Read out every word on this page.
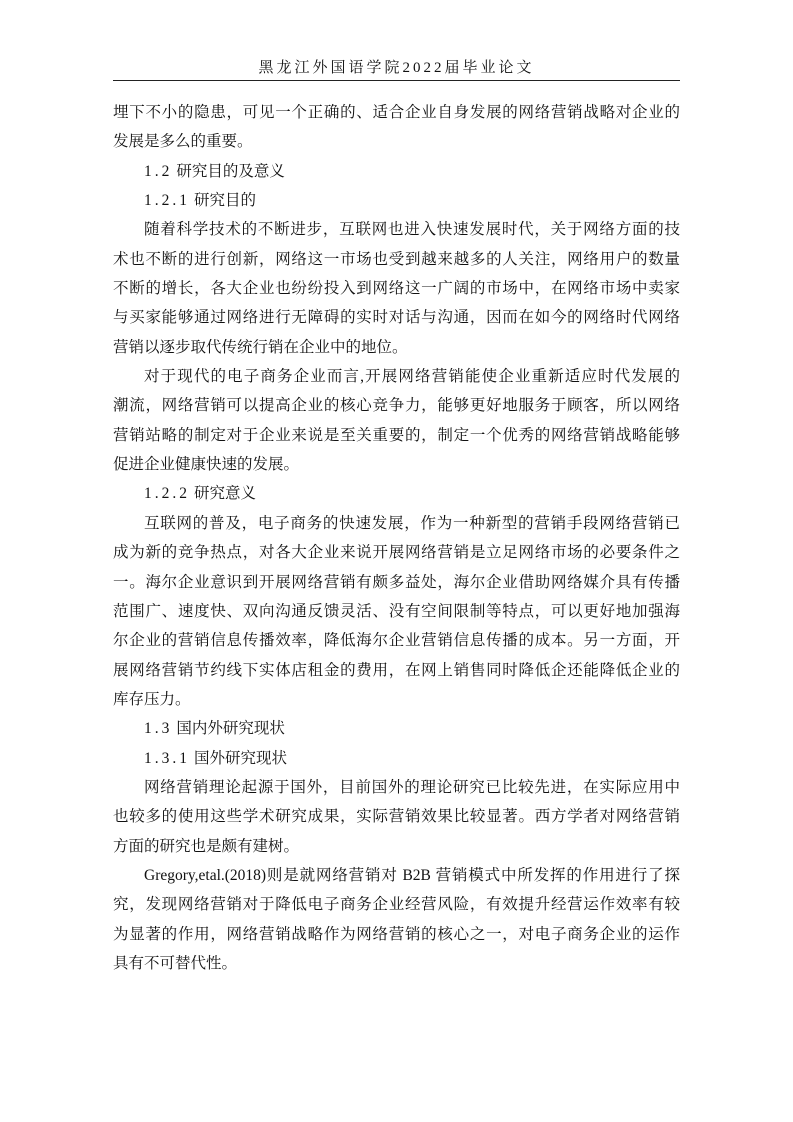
黑龙江外国语学院2022届毕业论文
埋下不小的隐患，可见一个正确的、适合企业自身发展的网络营销战略对企业的
发展是多么的重要。
1.2 研究目的及意义
1.2.1 研究目的
随着科学技术的不断进步，互联网也进入快速发展时代，关于网络方面的技
术也不断的进行创新，网络这一市场也受到越来越多的人关注，网络用户的数量
不断的增长，各大企业也纷纷投入到网络这一广阔的市场中，在网络市场中卖家
与买家能够通过网络进行无障碍的实时对话与沟通，因而在如今的网络时代网络
营销以逐步取代传统行销在企业中的地位。
对于现代的电子商务企业而言,开展网络营销能使企业重新适应时代发展的
潮流，网络营销可以提高企业的核心竞争力，能够更好地服务于顾客，所以网络
营销站略的制定对于企业来说是至关重要的，制定一个优秀的网络营销战略能够
促进企业健康快速的发展。
1.2.2 研究意义
互联网的普及，电子商务的快速发展，作为一种新型的营销手段网络营销已
成为新的竞争热点，对各大企业来说开展网络营销是立足网络市场的必要条件之
一。海尔企业意识到开展网络营销有颇多益处，海尔企业借助网络媒介具有传播
范围广、速度快、双向沟通反馈灵活、没有空间限制等特点，可以更好地加强海
尔企业的营销信息传播效率，降低海尔企业营销信息传播的成本。另一方面，开
展网络营销节约线下实体店租金的费用，在网上销售同时降低企还能降低企业的
库存压力。
1.3 国内外研究现状
1.3.1 国外研究现状
网络营销理论起源于国外，目前国外的理论研究已比较先进，在实际应用中
也较多的使用这些学术研究成果，实际营销效果比较显著。西方学者对网络营销
方面的研究也是颇有建树。
Gregory,etal.(2018)则是就网络营销对 B2B 营销模式中所发挥的作用进行了探
究，发现网络营销对于降低电子商务企业经营风险，有效提升经营运作效率有较
为显著的作用，网络营销战略作为网络营销的核心之一，对电子商务企业的运作
具有不可替代性。
